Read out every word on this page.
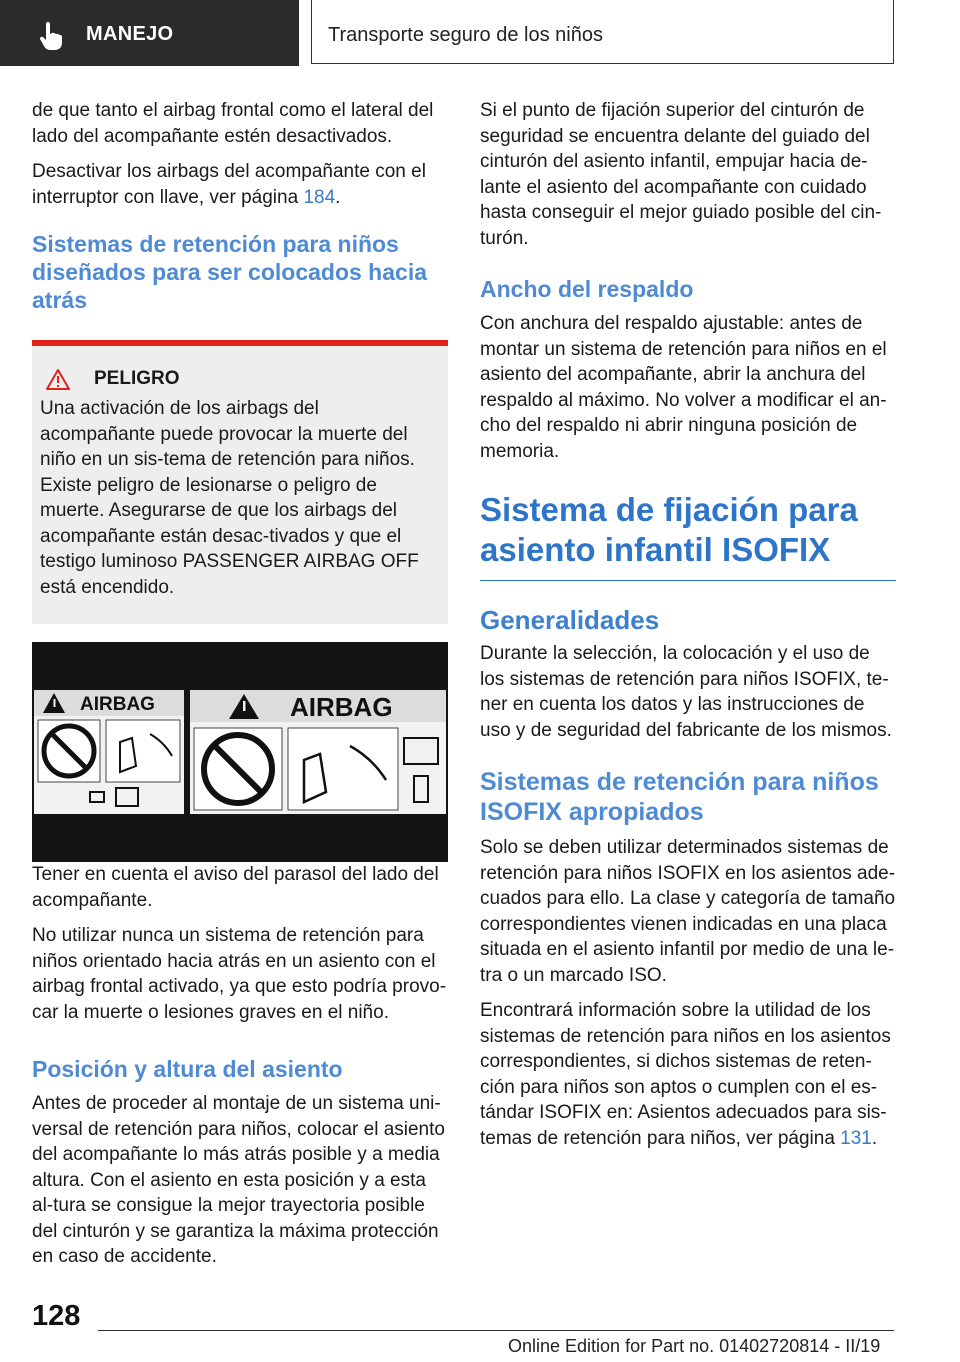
MANEJO	Transporte seguro de los niños

de que tanto el airbag frontal como el lateral del lado del acompañante estén desactivados.

Desactivar los airbags del acompañante con el interruptor con llave, ver página 184.

Sistemas de retención para niños diseñados para ser colocados hacia atrás
PELIGRO

Una activación de los airbags del acompañante puede provocar la muerte del niño en un sis-tema de retención para niños. Existe peligro de lesionarse o peligro de muerte. Asegurarse de que los airbags del acompañante están desac-tivados y que el testigo luminoso PASSENGER AIRBAG OFF está encendido.

AIRBAG	AIRBAG

Tener en cuenta el aviso del parasol del lado del acompañante.

No utilizar nunca un sistema de retención para niños orientado hacia atrás en un asiento con el airbag frontal activado, ya que esto podría provo-car la muerte o lesiones graves en el niño.

Posición y altura del asiento

Antes de proceder al montaje de un sistema uni-versal de retención para niños, colocar el asiento del acompañante lo más atrás posible y a media altura. Con el asiento en esta posición y a esta al-tura se consigue la mejor trayectoria posible del cinturón y se garantiza la máxima protección en caso de accidente.

Si el punto de fijación superior del cinturón de seguridad se encuentra delante del guiado del cinturón del asiento infantil, empujar hacia de-lante el asiento del acompañante con cuidado hasta conseguir el mejor guiado posible del cin-turón.

Ancho del respaldo

Con anchura del respaldo ajustable: antes de montar un sistema de retención para niños en el asiento del acompañante, abrir la anchura del respaldo al máximo. No volver a modificar el an-cho del respaldo ni abrir ninguna posición de memoria.

Sistema de fijación para asiento infantil ISOFIX
Generalidades

Durante la selección, la colocación y el uso de los sistemas de retención para niños ISOFIX, te-ner en cuenta los datos y las instrucciones de uso y de seguridad del fabricante de los mismos.

Sistemas de retención para niños ISOFIX apropiados

Solo se deben utilizar determinados sistemas de retención para niños ISOFIX en los asientos ade-cuados para ello. La clase y categoría de tamaño correspondientes vienen indicadas en una placa situada en el asiento infantil por medio de una le-tra o un marcado ISO.

Encontrará información sobre la utilidad de los sistemas de retención para niños en los asientos correspondientes, si dichos sistemas de reten-ción para niños son aptos o cumplen con el es-tándar ISOFIX en: Asientos adecuados para sis-temas de retención para niños, ver página 131.

128
Online Edition for Part no. 01402720814 - II/19
